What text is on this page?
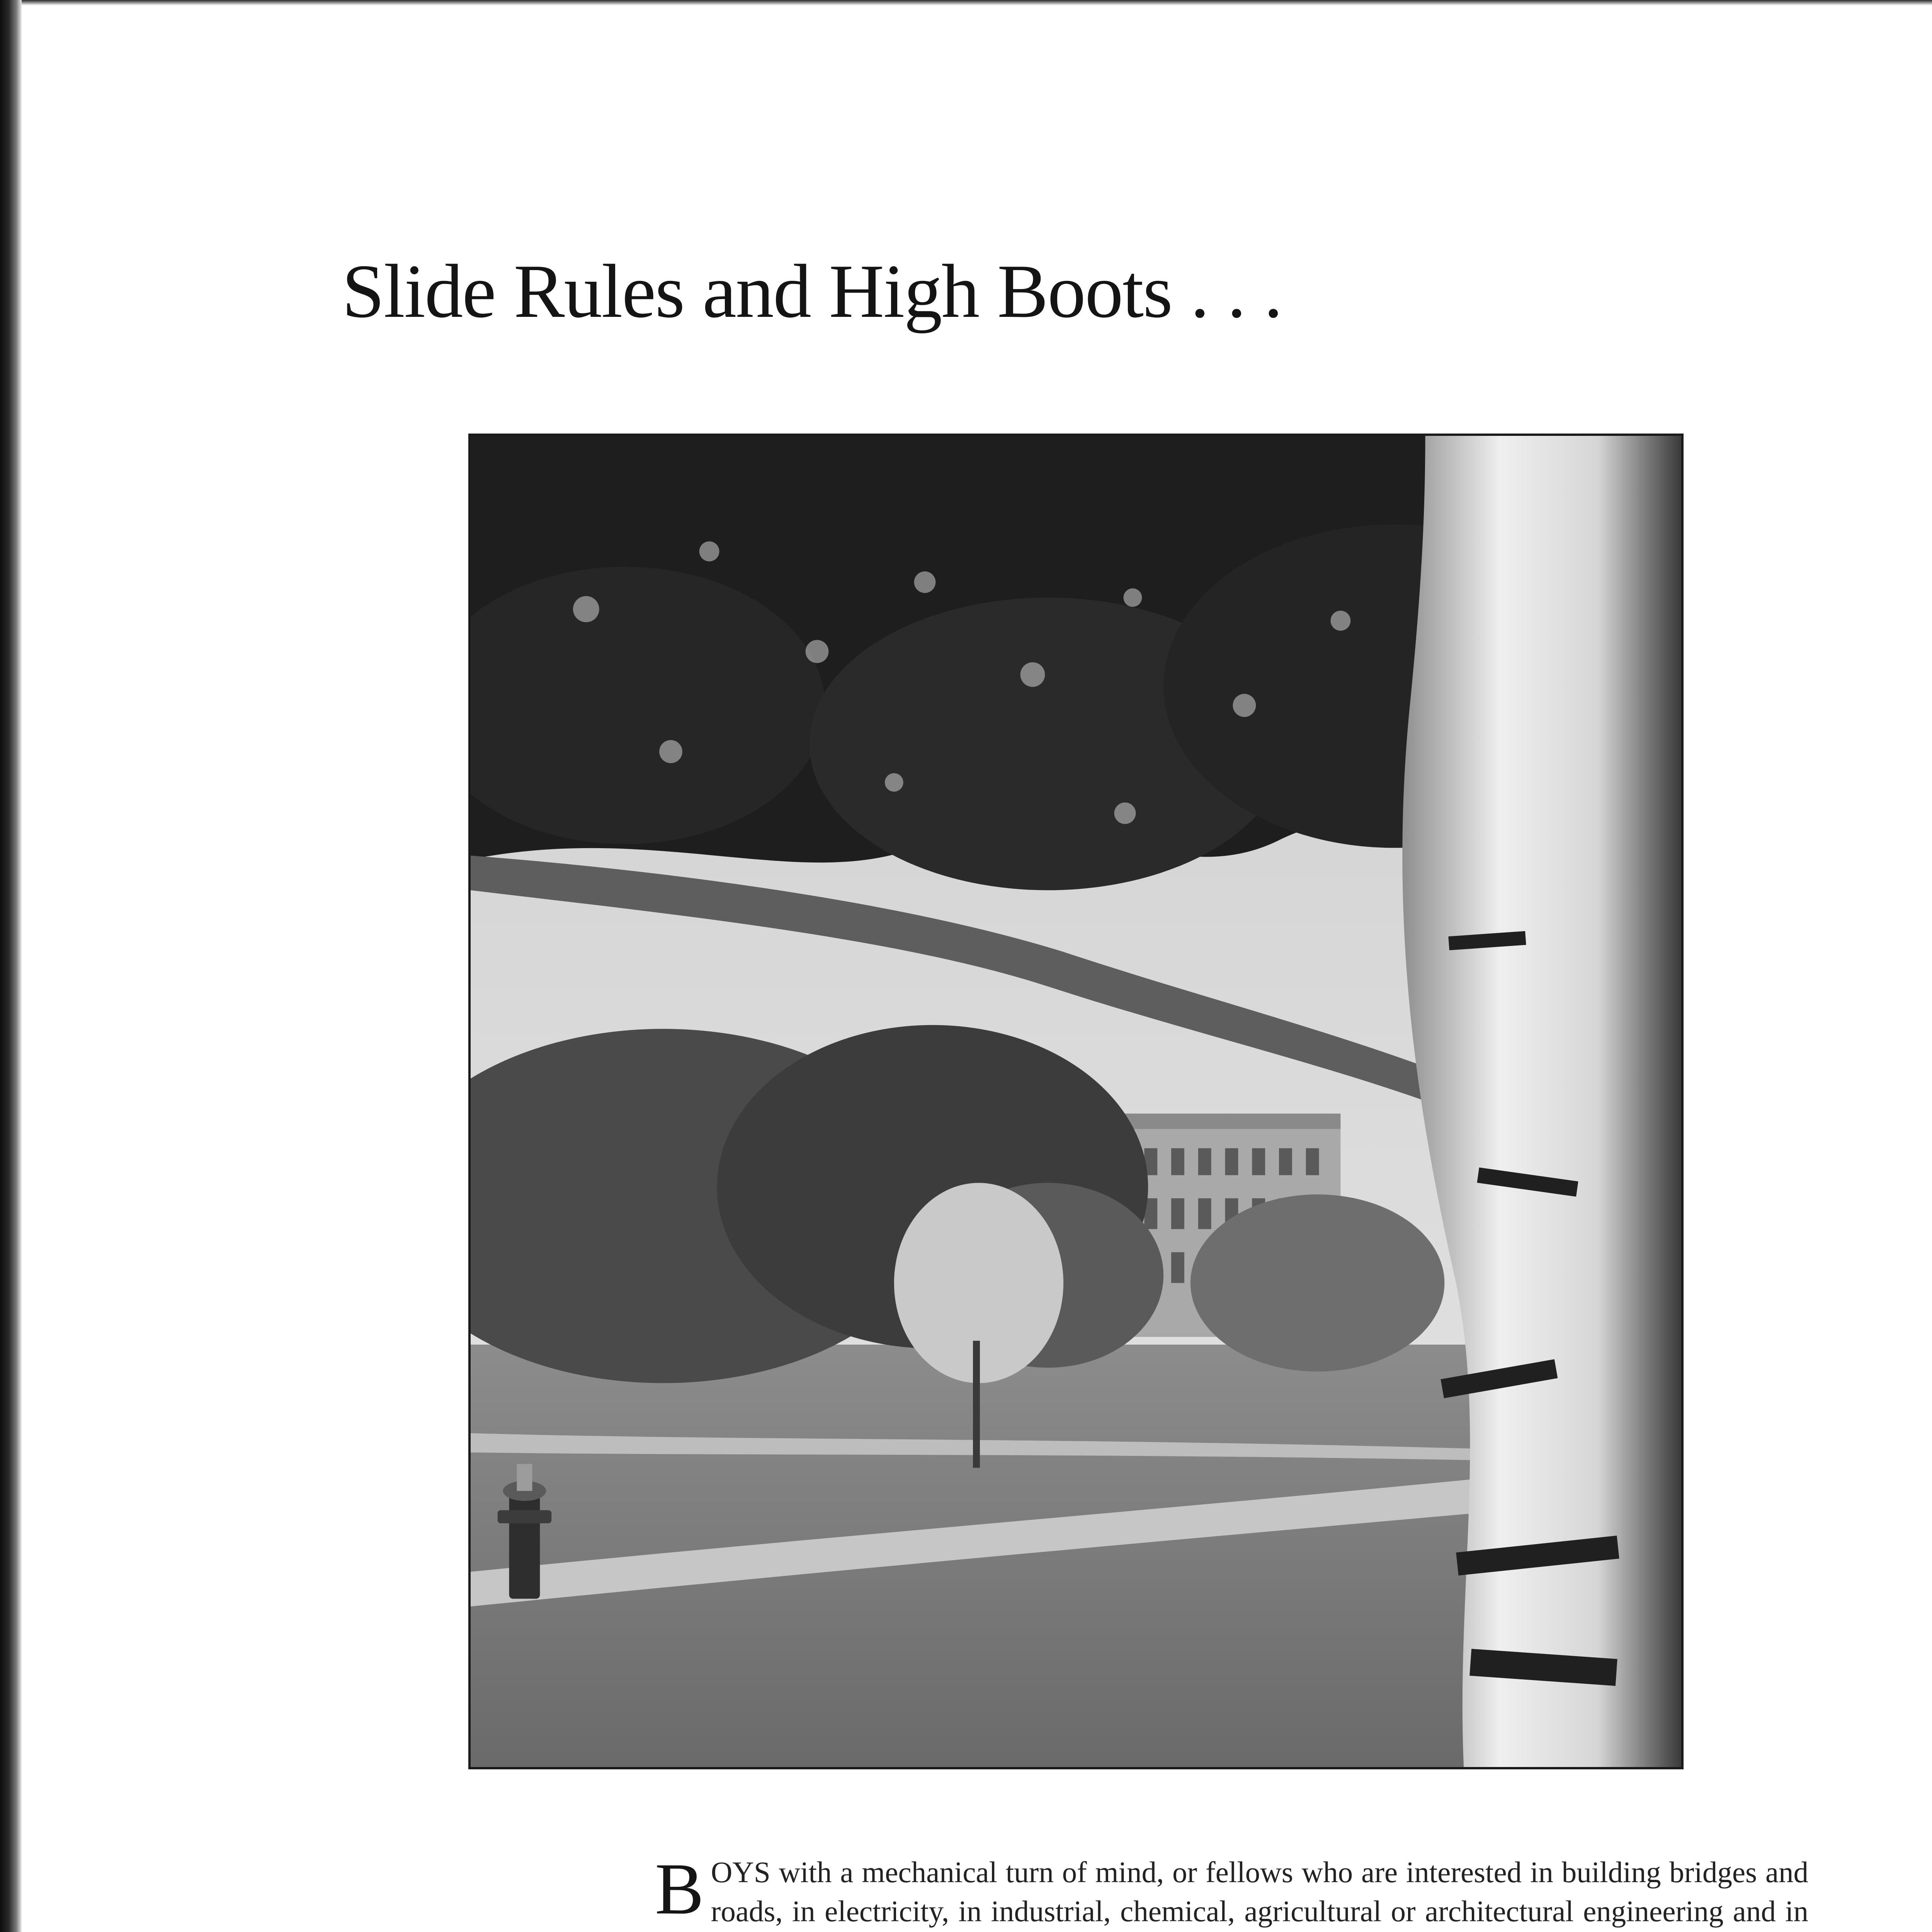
Slide Rules and High Boots . . .
BOYS with a mechanical turn of mind, or fellows who are interested in building bridges and roads, in electricity, in industrial, chemical, agricultural or architectural engineering and in
